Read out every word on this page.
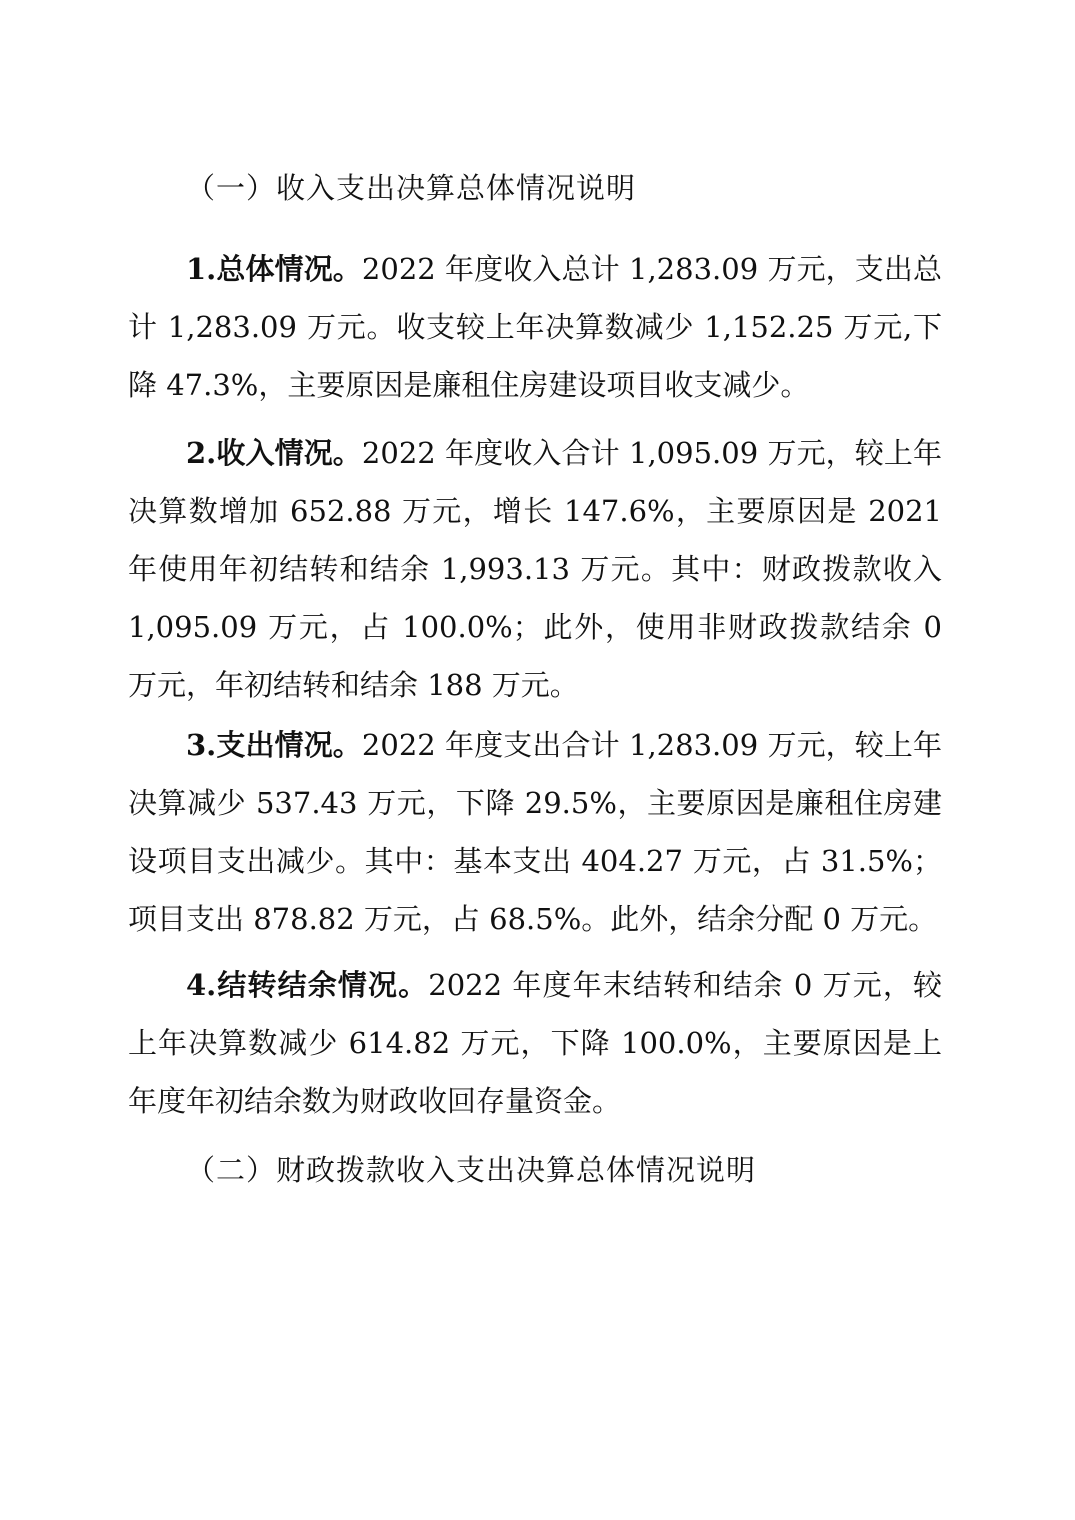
（一）收入支出决算总体情况说明

1.总体情况。2022 年度收入总计 1,283.09 万元，支出总计 1,283.09 万元。收支较上年决算数减少 1,152.25 万元,下降 47.3%，主要原因是廉租住房建设项目收支减少。

2.收入情况。2022 年度收入合计 1,095.09 万元，较上年决算数增加 652.88 万元，增长 147.6%，主要原因是 2021 年使用年初结转和结余 1,993.13 万元。其中：财政拨款收入 1,095.09 万元，占 100.0%；此外，使用非财政拨款结余 0 万元，年初结转和结余 188 万元。

3.支出情况。2022 年度支出合计 1,283.09 万元，较上年决算减少 537.43 万元，下降 29.5%，主要原因是廉租住房建设项目支出减少。其中：基本支出 404.27 万元，占 31.5%；项目支出 878.82 万元，占 68.5%。此外，结余分配 0 万元。

4.结转结余情况。2022 年度年末结转和结余 0 万元，较上年决算数减少 614.82 万元，下降 100.0%，主要原因是上年度年初结余数为财政收回存量资金。

（二）财政拨款收入支出决算总体情况说明
